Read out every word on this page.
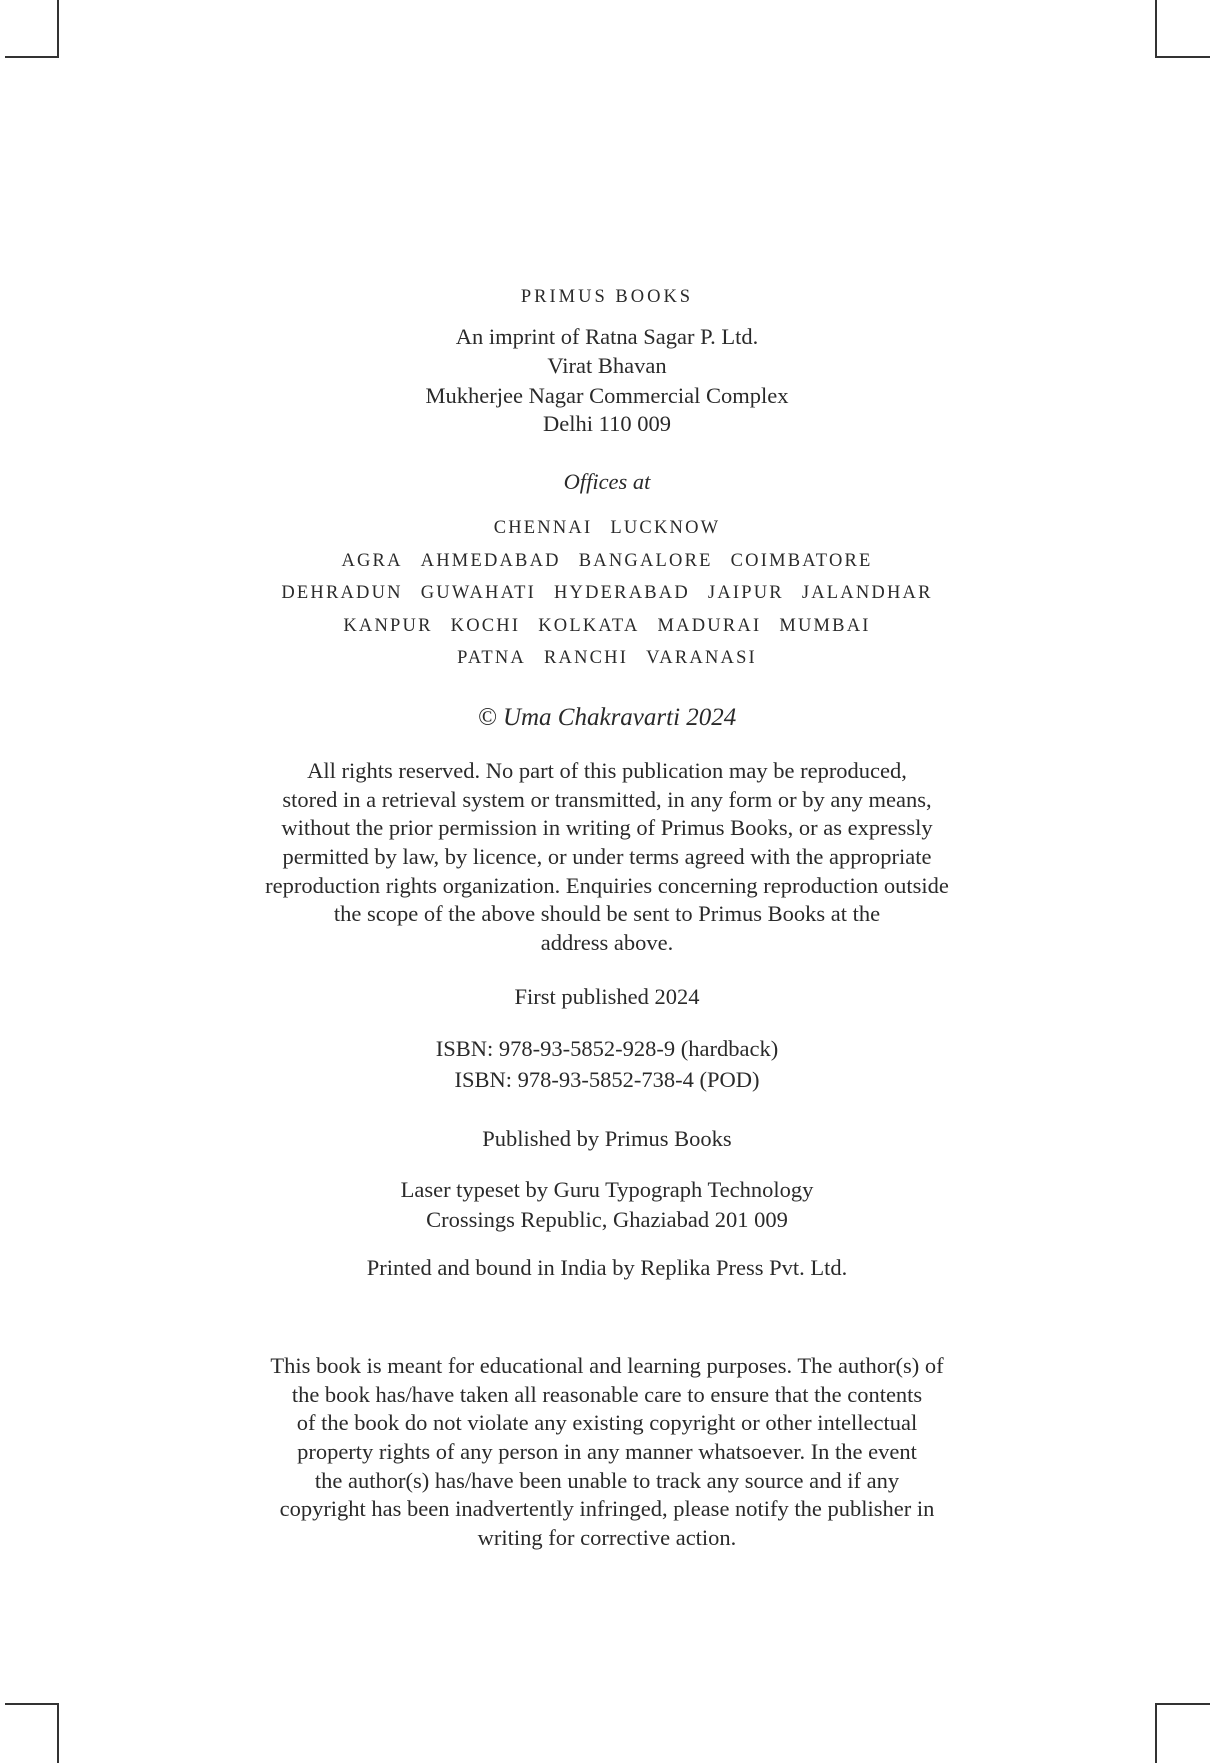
PRIMUS BOOKS
An imprint of Ratna Sagar P. Ltd.
Virat Bhavan
Mukherjee Nagar Commercial Complex
Delhi 110 009
Offices at
CHENNAI LUCKNOW
AGRA AHMEDABAD BANGALORE COIMBATORE
DEHRADUN GUWAHATI HYDERABAD JAIPUR JALANDHAR
KANPUR KOCHI KOLKATA MADURAI MUMBAI
PATNA RANCHI VARANASI
© Uma Chakravarti 2024
All rights reserved. No part of this publication may be reproduced,
stored in a retrieval system or transmitted, in any form or by any means,
without the prior permission in writing of Primus Books, or as expressly
permitted by law, by licence, or under terms agreed with the appropriate
reproduction rights organization. Enquiries concerning reproduction outside
the scope of the above should be sent to Primus Books at the
address above.
First published 2024
ISBN: 978-93-5852-928-9 (hardback)
ISBN: 978-93-5852-738-4 (POD)
Published by Primus Books
Laser typeset by Guru Typograph Technology
Crossings Republic, Ghaziabad 201 009
Printed and bound in India by Replika Press Pvt. Ltd.
This book is meant for educational and learning purposes. The author(s) of
the book has/have taken all reasonable care to ensure that the contents
of the book do not violate any existing copyright or other intellectual
property rights of any person in any manner whatsoever. In the event
the author(s) has/have been unable to track any source and if any
copyright has been inadvertently infringed, please notify the publisher in
writing for corrective action.
